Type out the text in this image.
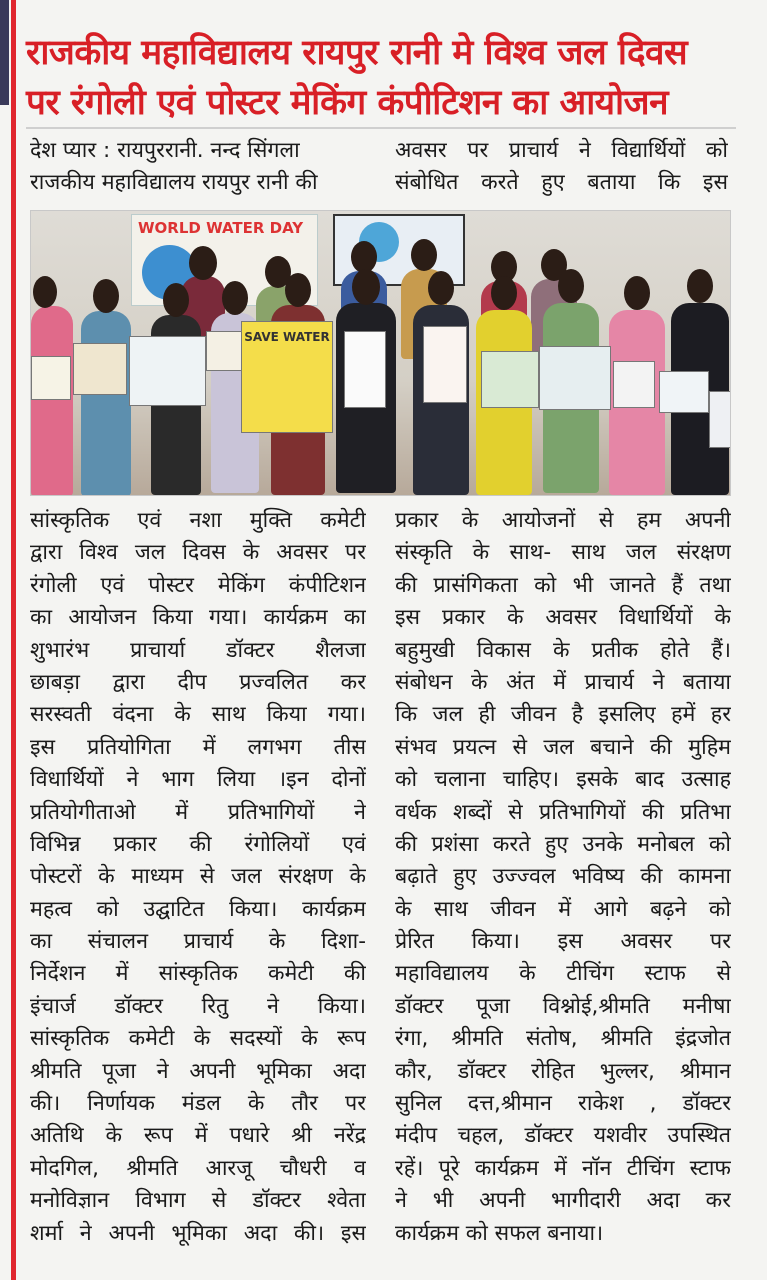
राजकीय महाविद्यालय रायपुर रानी मे विश्व जल दिवस
पर रंगोली एवं पोस्टर मेकिंग कंपीटिशन का आयोजन
देश प्यार : रायपुररानी. नन्द सिंगला
राजकीय महाविद्यालय रायपुर रानी की
अवसर पर प्राचार्य ने विद्यार्थियों को
संबोधित करते हुए बताया कि इस
WORLD WATER DAY
SAVE WATER
सांस्कृतिक एवं नशा मुक्ति कमेटी
द्वारा विश्व जल दिवस के अवसर पर
रंगोली एवं पोस्टर मेकिंग कंपीटिशन
का आयोजन किया गया। कार्यक्रम का
शुभारंभ प्राचार्या डॉक्टर शैलजा
छाबड़ा द्वारा दीप प्रज्वलित कर
सरस्वती वंदना के साथ किया गया।
इस प्रतियोगिता में लगभग तीस
विधार्थियों ने भाग लिया ।इन दोनों
प्रतियोगीताओ में प्रतिभागियों ने
विभिन्न प्रकार की रंगोलियों एवं
पोस्टरों के माध्यम से जल संरक्षण के
महत्व को उद्घाटित किया। कार्यक्रम
का संचालन प्राचार्य के दिशा-
निर्देशन में सांस्कृतिक कमेटी की
इंचार्ज डॉक्टर रितु ने किया।
सांस्कृतिक कमेटी के सदस्यों के रूप
श्रीमति पूजा ने अपनी भूमिका अदा
की। निर्णायक मंडल के तौर पर
अतिथि के रूप में पधारे श्री नरेंद्र
मोदगिल, श्रीमति आरजू चौधरी व
मनोविज्ञान विभाग से डॉक्टर श्वेता
शर्मा ने अपनी भूमिका अदा की। इस
प्रकार के आयोजनों से हम अपनी
संस्कृति के साथ- साथ जल संरक्षण
की प्रासंगिकता को भी जानते हैं तथा
इस प्रकार के अवसर विधार्थियों के
बहुमुखी विकास के प्रतीक होते हैं।
संबोधन के अंत में प्राचार्य ने बताया
कि जल ही जीवन है इसलिए हमें हर
संभव प्रयत्न से जल बचाने की मुहिम
को चलाना चाहिए। इसके बाद उत्साह
वर्धक शब्दों से प्रतिभागियों की प्रतिभा
की प्रशंसा करते हुए उनके मनोबल को
बढ़ाते हुए उज्ज्वल भविष्य की कामना
के साथ जीवन में आगे बढ़ने को
प्रेरित किया। इस अवसर पर
महाविद्यालय के टीचिंग स्टाफ से
डॉक्टर पूजा विश्नोई,श्रीमति मनीषा
रंगा, श्रीमति संतोष, श्रीमति इंद्रजोत
कौर, डॉक्टर रोहित भुल्लर, श्रीमान
सुनिल दत्त,श्रीमान राकेश , डॉक्टर
मंदीप चहल, डॉक्टर यशवीर उपस्थित
रहें। पूरे कार्यक्रम में नॉन टीचिंग स्टाफ
ने भी अपनी भागीदारी अदा कर
कार्यक्रम को सफल बनाया।
